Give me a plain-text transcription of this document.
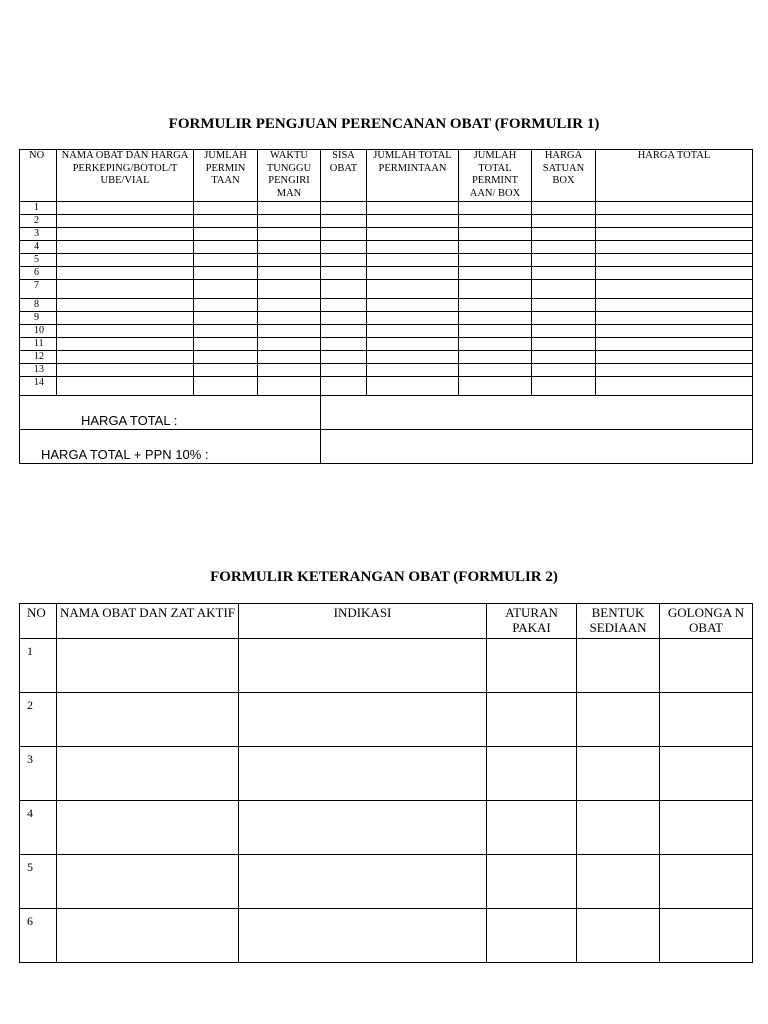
FORMULIR PENGJUAN PERENCANAN OBAT (FORMULIR 1)
NO	NAMA OBAT DAN HARGA PERKEPING/BOTOL/T UBE/VIAL	JUMLAH PERMIN TAAN	WAKTU TUNGGU PENGIRI MAN	SISA OBAT	JUMLAH TOTAL PERMINTAAN	JUMLAH TOTAL PERMINT AAN/ BOX	HARGA SATUAN BOX	HARGA TOTAL
1								
2								
3								
4								
5								
6								
7								
8								
9								
10								
11								
12								
13								
14								

HARGA TOTAL :								

HARGA TOTAL + PPN 10% :								

FORMULIR KETERANGAN OBAT (FORMULIR 2)
NO	NAMA OBAT DAN ZAT AKTIF	INDIKASI	ATURAN PAKAI	BENTUK SEDIAAN	GOLONGA N OBAT
1					
2					
3					
4					
5					
6					
